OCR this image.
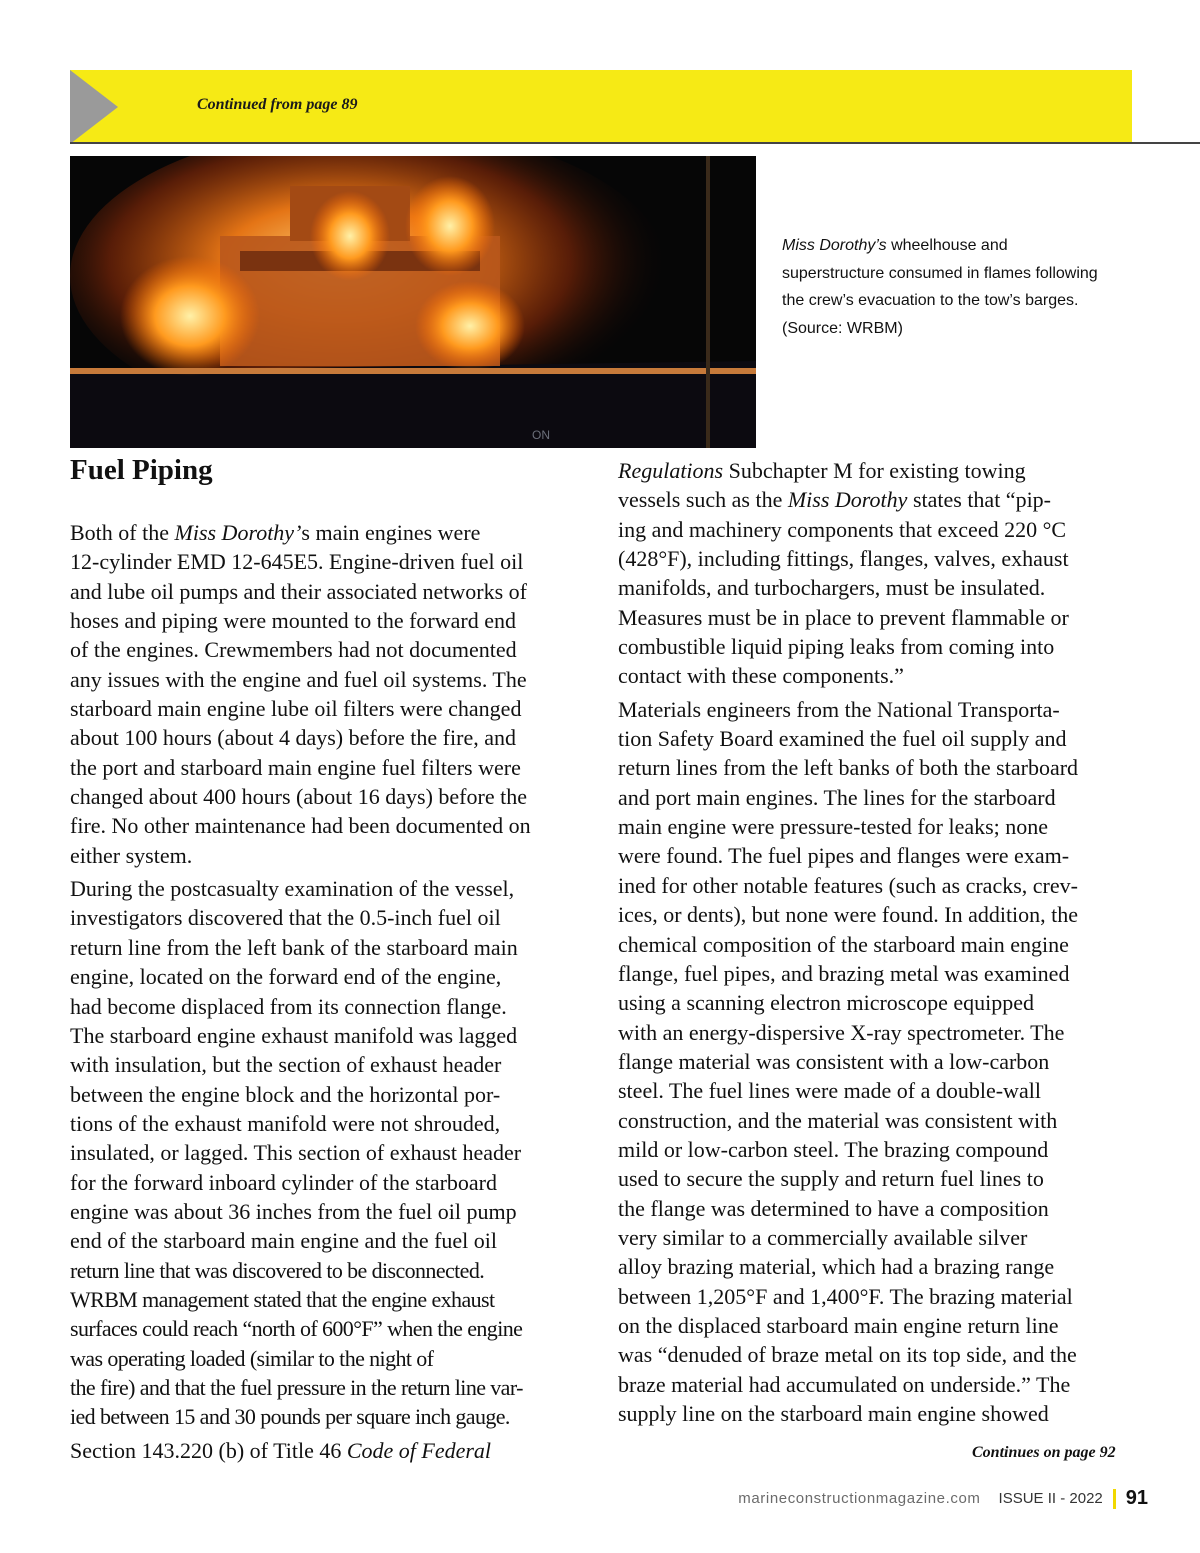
Continued from page 89
ON
Miss Dorothy’s wheelhouse and superstructure consumed in flames following the crew’s evacuation to the tow’s barges. (Source: WRBM)
Fuel Piping

Both of the Miss Dorothy’s main engines were
12-cylinder EMD 12-645E5. Engine-driven fuel oil
and lube oil pumps and their associated networks of
hoses and piping were mounted to the forward end
of the engines. Crewmembers had not documented
any issues with the engine and fuel oil systems. The
starboard main engine lube oil filters were changed
about 100 hours (about 4 days) before the fire, and
the port and starboard main engine fuel filters were
changed about 400 hours (about 16 days) before the
fire. No other maintenance had been documented on
either system.

During the postcasualty examination of the vessel,
investigators discovered that the 0.5-inch fuel oil
return line from the left bank of the starboard main
engine, located on the forward end of the engine,
had become displaced from its connection flange.
The starboard engine exhaust manifold was lagged
with insulation, but the section of exhaust header
between the engine block and the horizontal por-
tions of the exhaust manifold were not shrouded,
insulated, or lagged. This section of exhaust header
for the forward inboard cylinder of the starboard
engine was about 36 inches from the fuel oil pump
end of the starboard main engine and the fuel oil

return line that was discovered to be disconnected.
WRBM management stated that the engine exhaust
surfaces could reach “north of 600°F” when the engine
was operating loaded (similar to the night of
the fire) and that the fuel pressure in the return line var-
ied between 15 and 30 pounds per square inch gauge.

Section 143.220 (b) of Title 46 Code of Federal

Regulations Subchapter M for existing towing
vessels such as the Miss Dorothy states that “pip-
ing and machinery components that exceed 220 °C
(428°F), including fittings, flanges, valves, exhaust
manifolds, and turbochargers, must be insulated.
Measures must be in place to prevent flammable or
combustible liquid piping leaks from coming into
contact with these components.”

Materials engineers from the National Transporta-
tion Safety Board examined the fuel oil supply and
return lines from the left banks of both the starboard
and port main engines. The lines for the starboard
main engine were pressure-tested for leaks; none
were found. The fuel pipes and flanges were exam-
ined for other notable features (such as cracks, crev-
ices, or dents), but none were found. In addition, the
chemical composition of the starboard main engine
flange, fuel pipes, and brazing metal was examined
using a scanning electron microscope equipped
with an energy-dispersive X-ray spectrometer. The
flange material was consistent with a low-carbon
steel. The fuel lines were made of a double-wall
construction, and the material was consistent with
mild or low-carbon steel. The brazing compound
used to secure the supply and return fuel lines to
the flange was determined to have a composition
very similar to a commercially available silver
alloy brazing material, which had a brazing range
between 1,205°F and 1,400°F. The brazing material
on the displaced starboard main engine return line
was “denuded of braze metal on its top side, and the
braze material had accumulated on underside.” The
supply line on the starboard main engine showed

Continues on page 92
marineconstructionmagazine.com ISSUE II - 2022 91
